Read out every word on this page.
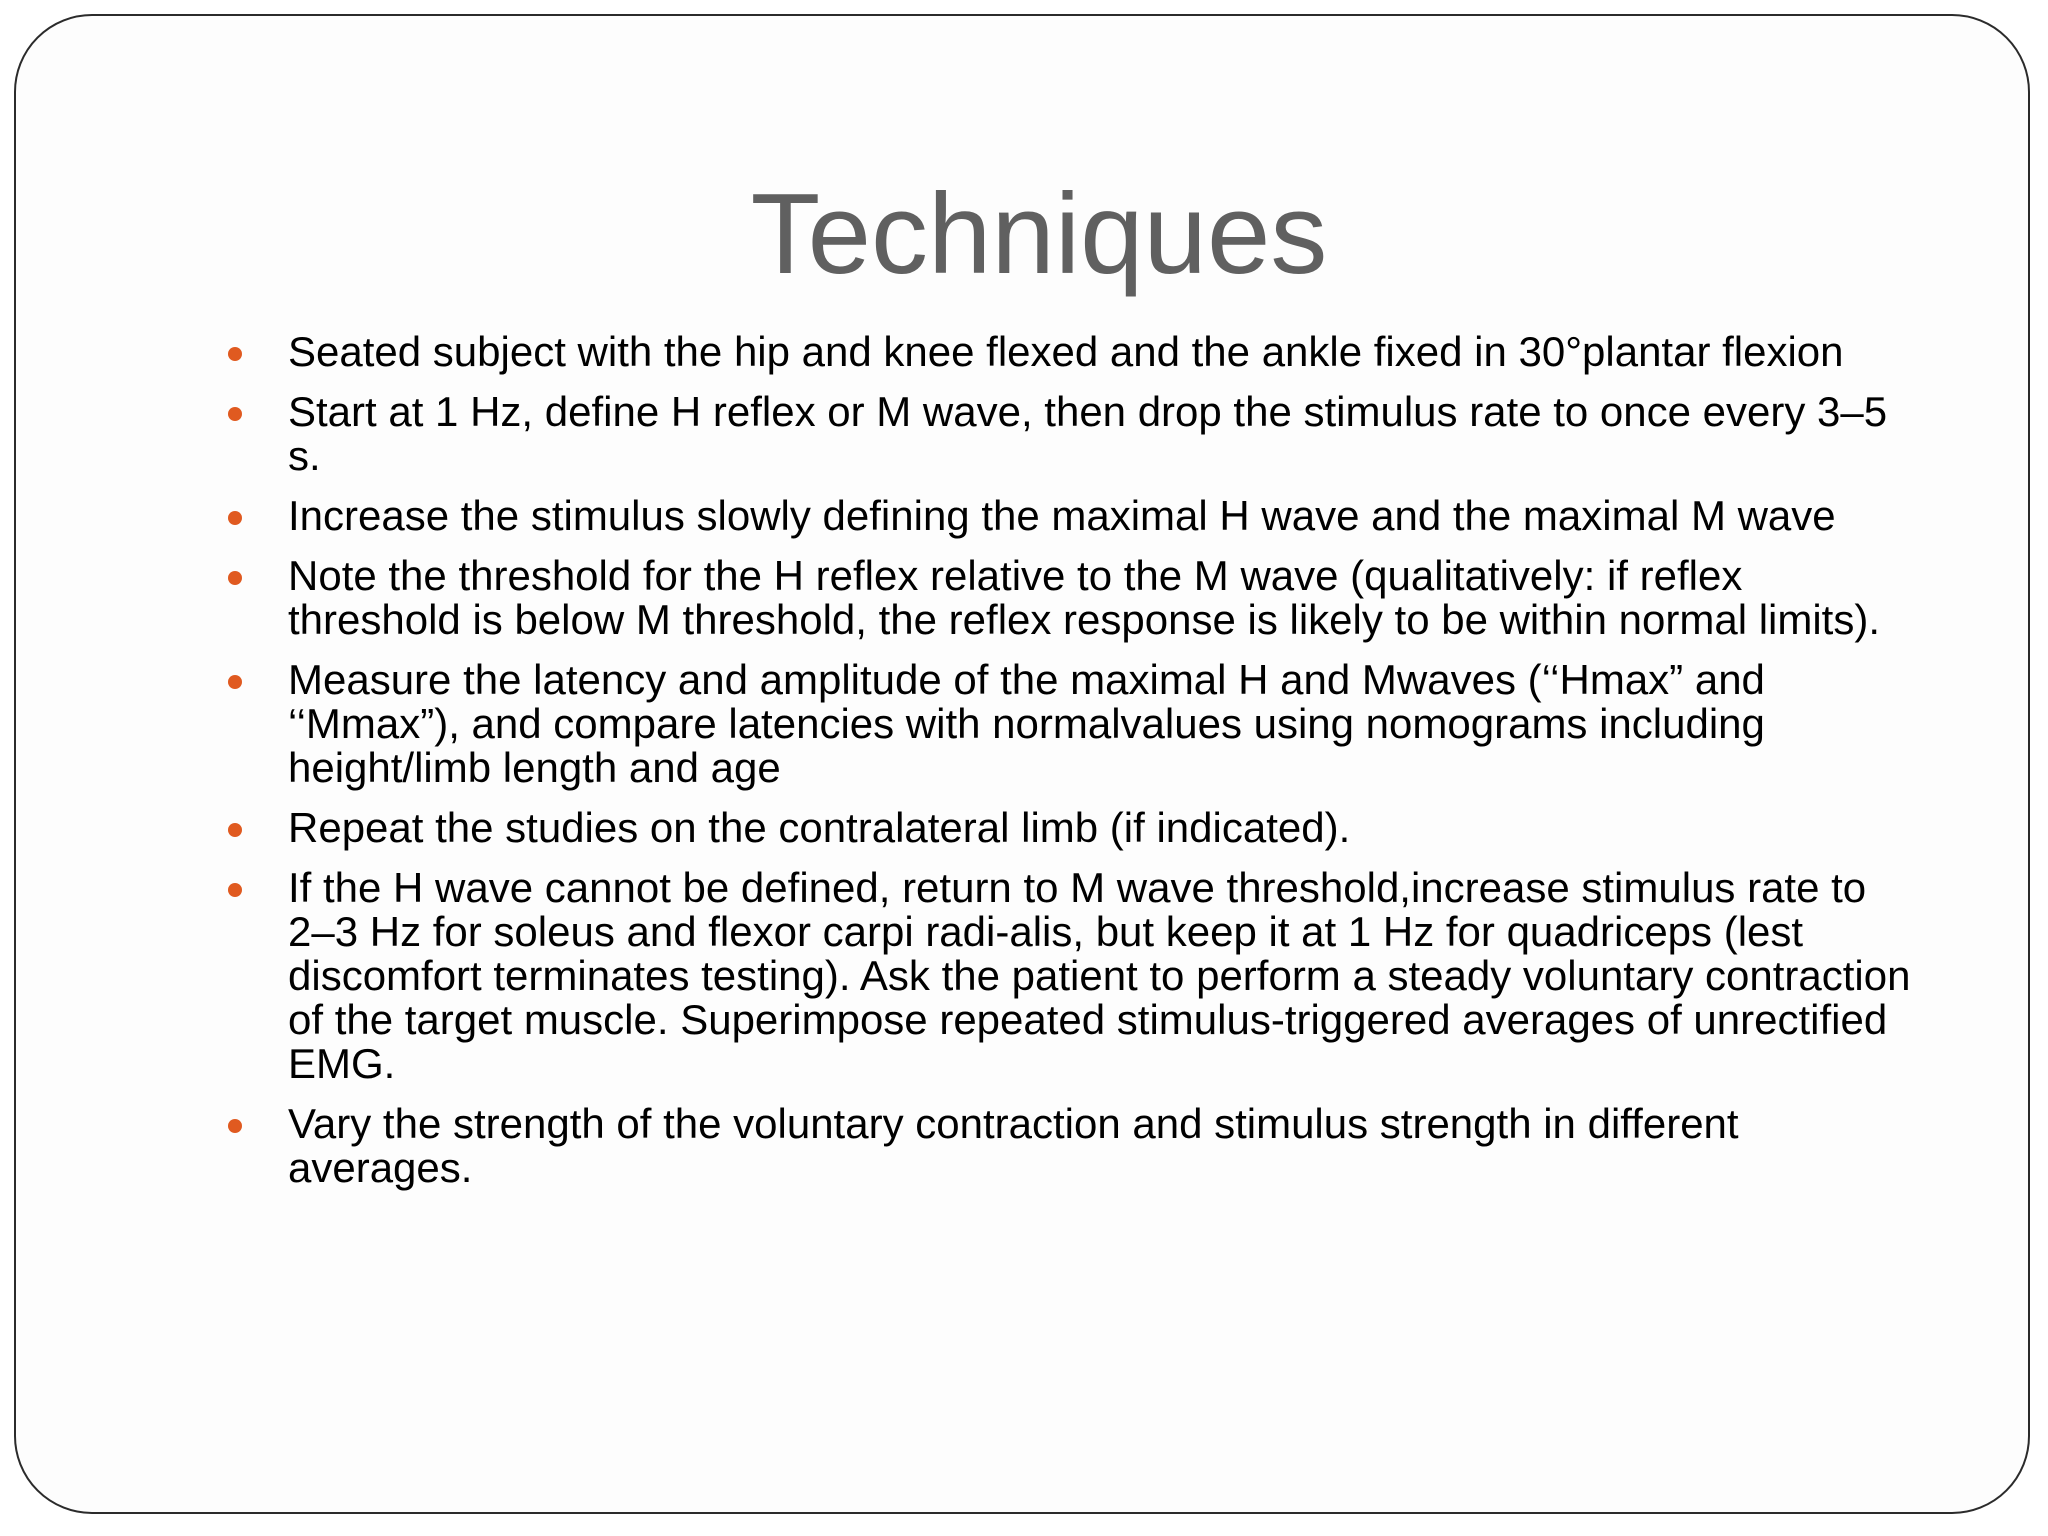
Techniques
Seated subject with the hip and knee flexed and the ankle fixed in 30°plantar flexion
Start at 1 Hz, define H reflex or M wave, then drop the stimulus rate to once every 3–5 s.
Increase the stimulus slowly defining the maximal H wave and the maximal M wave
Note the threshold for the H reflex relative to the M wave (qualitatively: if reflex threshold is below M threshold, the reflex response is likely to be within normal limits).
Measure the latency and amplitude of the maximal H and Mwaves (‘‘Hmax” and ‘‘Mmax”), and compare latencies with normalvalues using nomograms including height/limb length and age
Repeat the studies on the contralateral limb (if indicated).
If the H wave cannot be defined, return to M wave threshold,increase stimulus rate to 2–3 Hz for soleus and flexor carpi radi-alis, but keep it at 1 Hz for quadriceps (lest discomfort terminates testing). Ask the patient to perform a steady voluntary contraction of the target muscle. Superimpose repeated stimulus-triggered averages of unrectified EMG.
Vary the strength of the voluntary contraction and stimulus strength in different averages.
